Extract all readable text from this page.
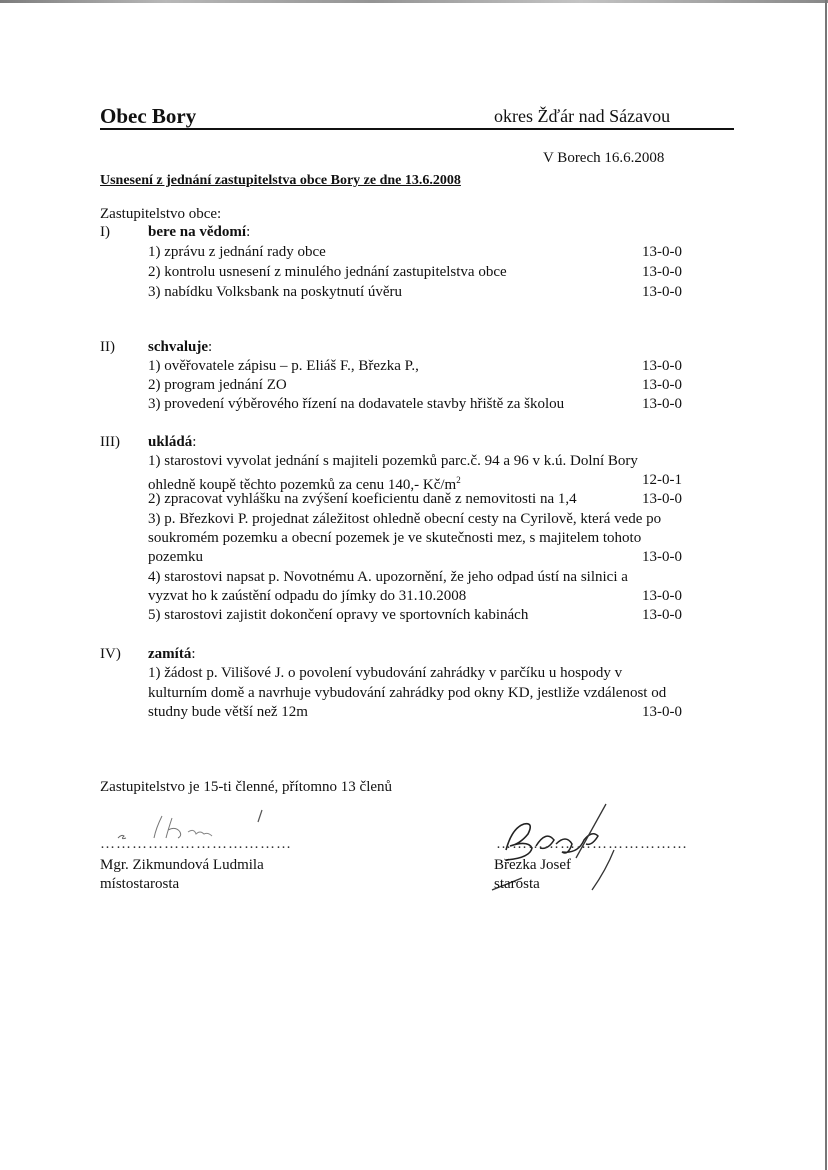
Obec Bory	okres Žďár nad Sázavou
V Borech 16.6.2008
Usnesení z jednání zastupitelstva obce Bory ze dne 13.6.2008
Zastupitelstvo obce:
I)	bere na vědomí:
1) zprávu z jednání rady obce	13-0-0
2) kontrolu usnesení z minulého jednání zastupitelstva obce	13-0-0
3) nabídku Volksbank na poskytnutí úvěru	13-0-0
II) schvaluje:
1) ověřovatele zápisu – p. Eliáš F., Březka P.,	13-0-0
2) program jednání ZO	13-0-0
3) provedení výběrového řízení na dodavatele stavby hřiště za školou	13-0-0
III) ukládá:
1) starostovi vyvolat jednání s majiteli pozemků parc.č. 94 a 96 v k.ú. Dolní Bory
ohledně koupě těchto pozemků za cenu 140,- $Kč/m^2$	12-0-1
2) zpracovat vyhlášku na zvýšení koeficientu daně z nemovitosti na 1,4	13-0-0
3) p. Březkovi P. projednat záležitost ohledně obecní cesty na Cyrilově, která vede po
soukromém pozemku a obecní pozemek je ve skutečnosti mez, s majitelem tohoto
pozemku	13-0-0
4) starostovi napsat p. Novotnému A. upozornění, že jeho odpad ústí na silnici a
vyzvat ho k zaústění odpadu do jímky do 31.10.2008	13-0-0
5) starostovi zajistit dokončení opravy ve sportovních kabinách	13-0-0
IV) zamítá:
1) žádost p. Vilišové J. o povolení vybudování zahrádky v parčíku u hospody v
kulturním domě a navrhuje vybudování zahrádky pod okny KD, jestliže vzdálenost od
studny bude větší než 12m	13-0-0
Zastupitelstvo je 15-ti členné, přítomno 13 členů
………………………………
Mgr. Zikmundová Ludmila
místostarosta
………………………………
Březka Josef
starosta
